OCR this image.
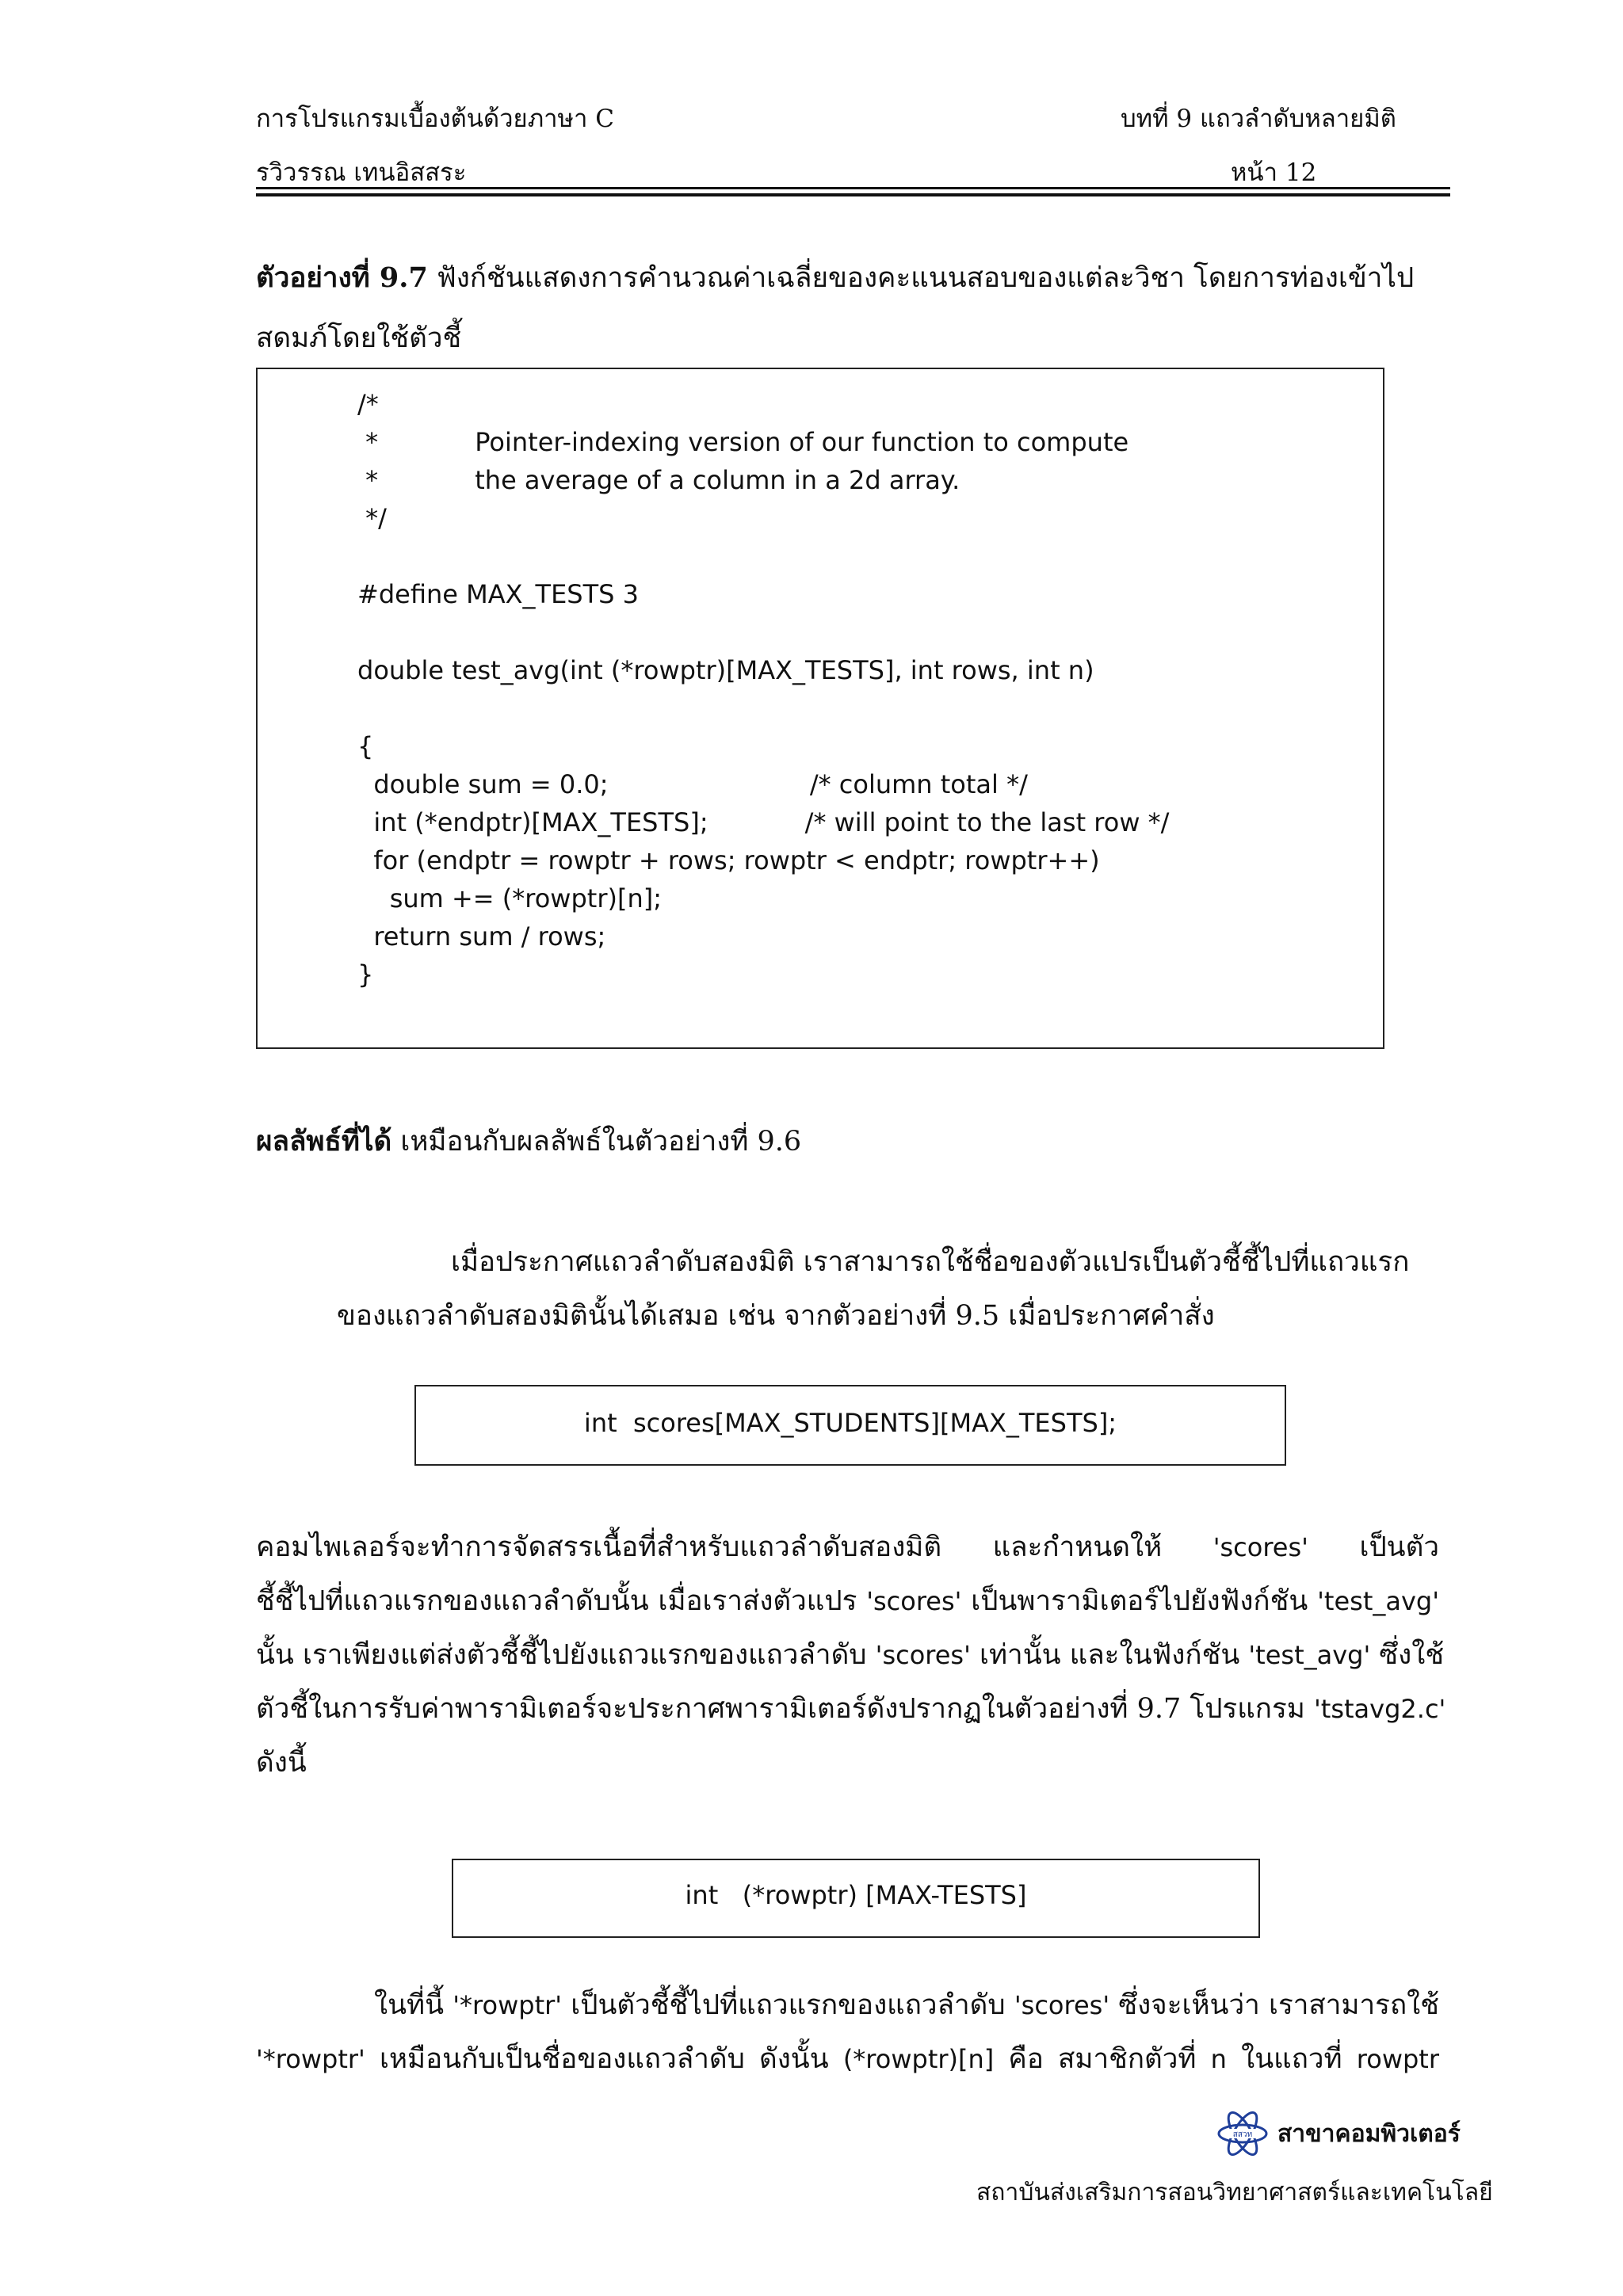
การโปรแกรมเบื้องต้นด้วยภาษา C	บทที่ 9 แถวลำดับหลายมิติ
รวิวรรณ เทนอิสสระ	หน้า 12
ตัวอย่างที่ 9.7 ฟังก์ชันแสดงการคำนวณค่าเฉลี่ยของคะแนนสอบของแต่ละวิชา โดยการท่องเข้าไป
สดมภ์โดยใช้ตัวชี้
/*
*            Pointer-indexing version of our function to compute
*            the average of a column in a 2d array.
*/

#define MAX_TESTS 3

double test_avg(int (*rowptr)[MAX_TESTS], int rows, int n)

{
double sum = 0.0;                         /* column total */
int (*endptr)[MAX_TESTS];            /* will point to the last row */
for (endptr = rowptr + rows; rowptr < endptr; rowptr++)
sum += (*rowptr)[n];
return sum / rows;
}
ผลลัพธ์ที่ได้ เหมือนกับผลลัพธ์ในตัวอย่างที่ 9.6
เมื่อประกาศแถวลำดับสองมิติ เราสามารถใช้ชื่อของตัวแปรเป็นตัวชี้ชี้ไปที่แถวแรก
ของแถวลำดับสองมิตินั้นได้เสมอ เช่น จากตัวอย่างที่ 9.5 เมื่อประกาศคำสั่ง
int  scores[MAX_STUDENTS][MAX_TESTS];
คอมไพเลอร์จะทำการจัดสรรเนื้อที่สำหรับแถวลำดับสองมิติ และกำหนดให้ 'scores' เป็นตัว
ชี้ชี้ไปที่แถวแรกของแถวลำดับนั้น เมื่อเราส่งตัวแปร 'scores' เป็นพารามิเตอร์ไปยังฟังก์ชัน 'test_avg'
นั้น เราเพียงแต่ส่งตัวชี้ชี้ไปยังแถวแรกของแถวลำดับ 'scores' เท่านั้น และในฟังก์ชัน 'test_avg' ซึ่งใช้
ตัวชี้ในการรับค่าพารามิเตอร์จะประกาศพารามิเตอร์ดังปรากฏในตัวอย่างที่ 9.7 โปรแกรม 'tstavg2.c'
ดังนี้
int   (*rowptr) [MAX-TESTS]
ในที่นี้ '*rowptr' เป็นตัวชี้ชี้ไปที่แถวแรกของแถวลำดับ 'scores' ซึ่งจะเห็นว่า เราสามารถใช้
'*rowptr' เหมือนกับเป็นชื่อของแถวลำดับ ดังนั้น (*rowptr)[n] คือ สมาชิกตัวที่ n ในแถวที่ rowptr
สสวท สาขาคอมพิวเตอร์
สถาบันส่งเสริมการสอนวิทยาศาสตร์และเทคโนโลยี
